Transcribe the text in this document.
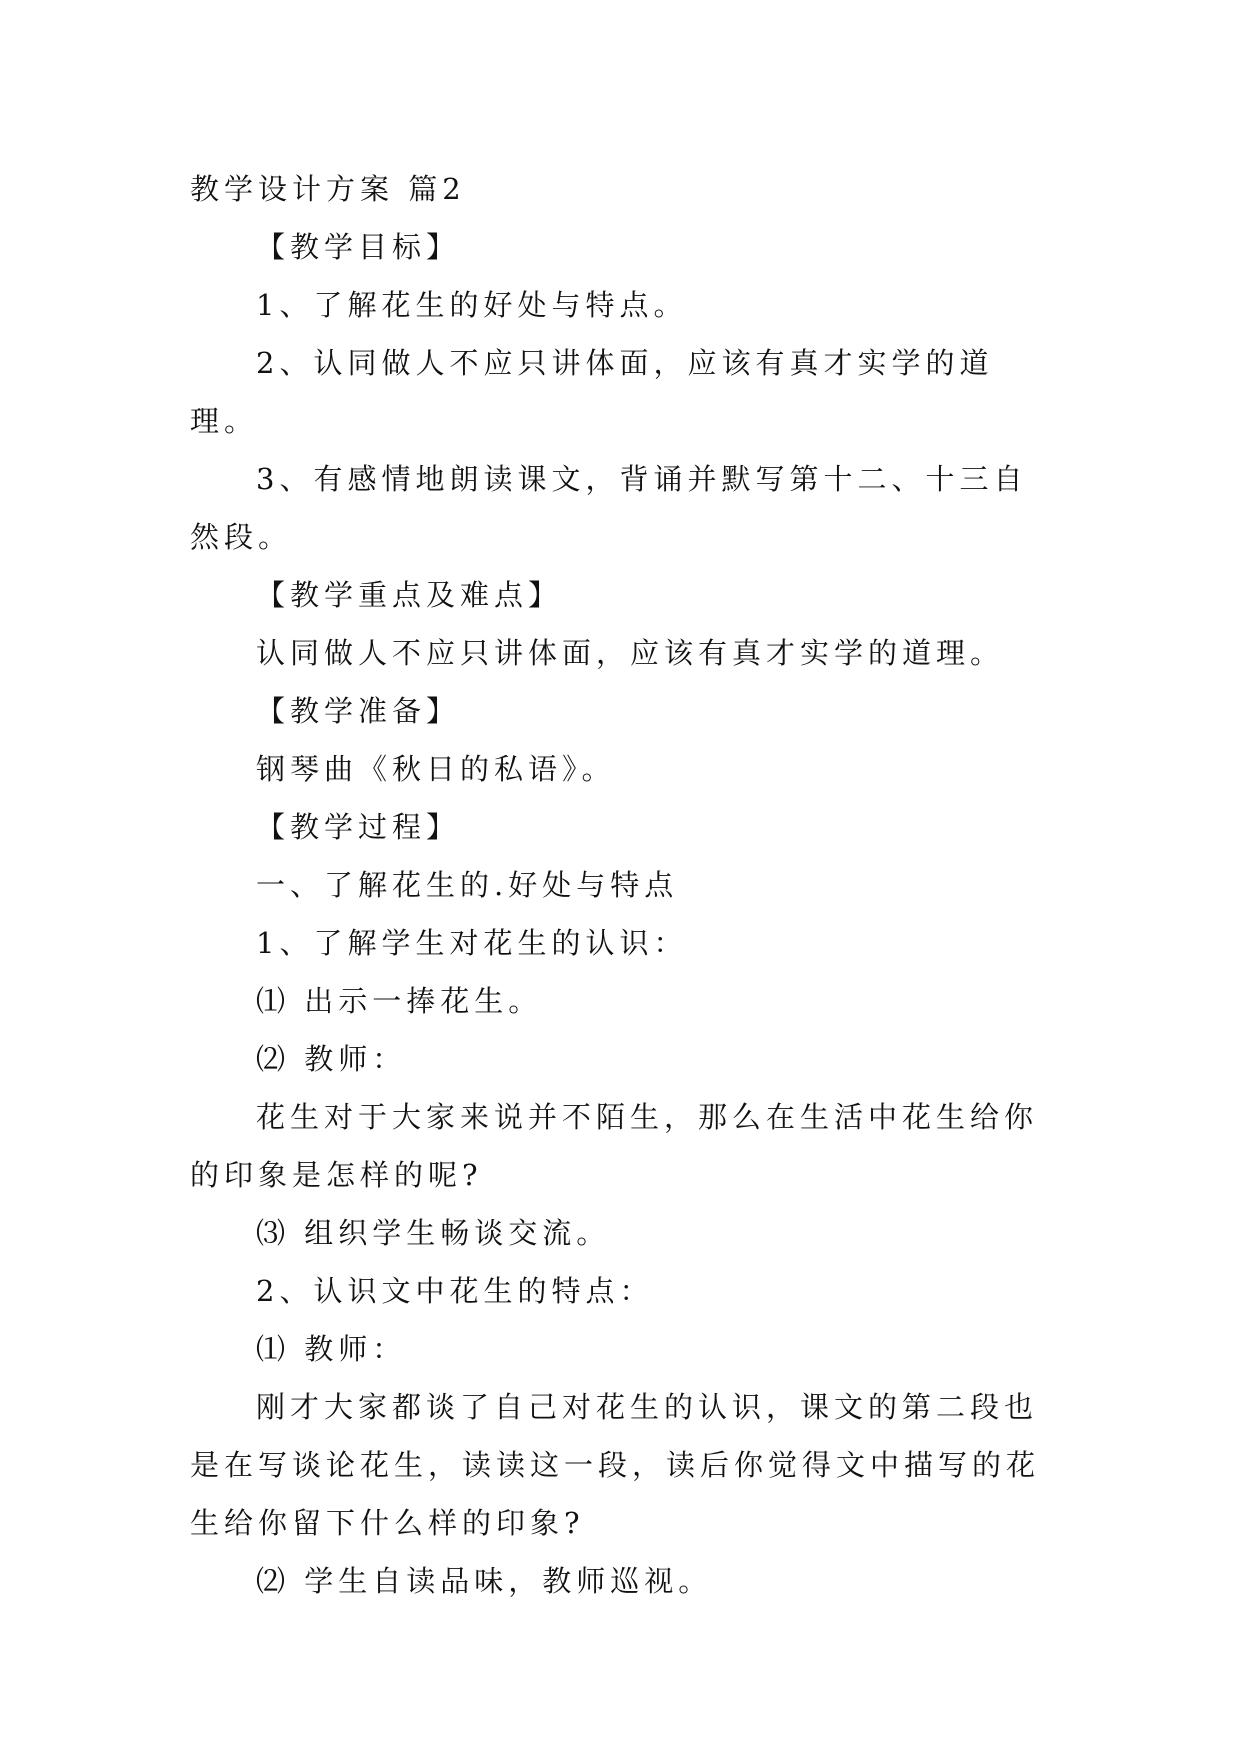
教学设计方案 篇2

【教学目标】

1、了解花生的好处与特点。

2、认同做人不应只讲体面，应该有真才实学的道理。

3、有感情地朗读课文，背诵并默写第十二、十三自然段。

【教学重点及难点】

认同做人不应只讲体面，应该有真才实学的道理。

【教学准备】

钢琴曲《秋日的私语》。

【教学过程】

一、了解花生的.好处与特点

1、了解学生对花生的认识：

⑴ 出示一捧花生。

⑵ 教师：

花生对于大家来说并不陌生，那么在生活中花生给你的印象是怎样的呢?

⑶ 组织学生畅谈交流。

2、认识文中花生的特点：

⑴ 教师：

刚才大家都谈了自己对花生的认识，课文的第二段也是在写谈论花生，读读这一段，读后你觉得文中描写的花生给你留下什么样的印象?

⑵ 学生自读品味，教师巡视。
